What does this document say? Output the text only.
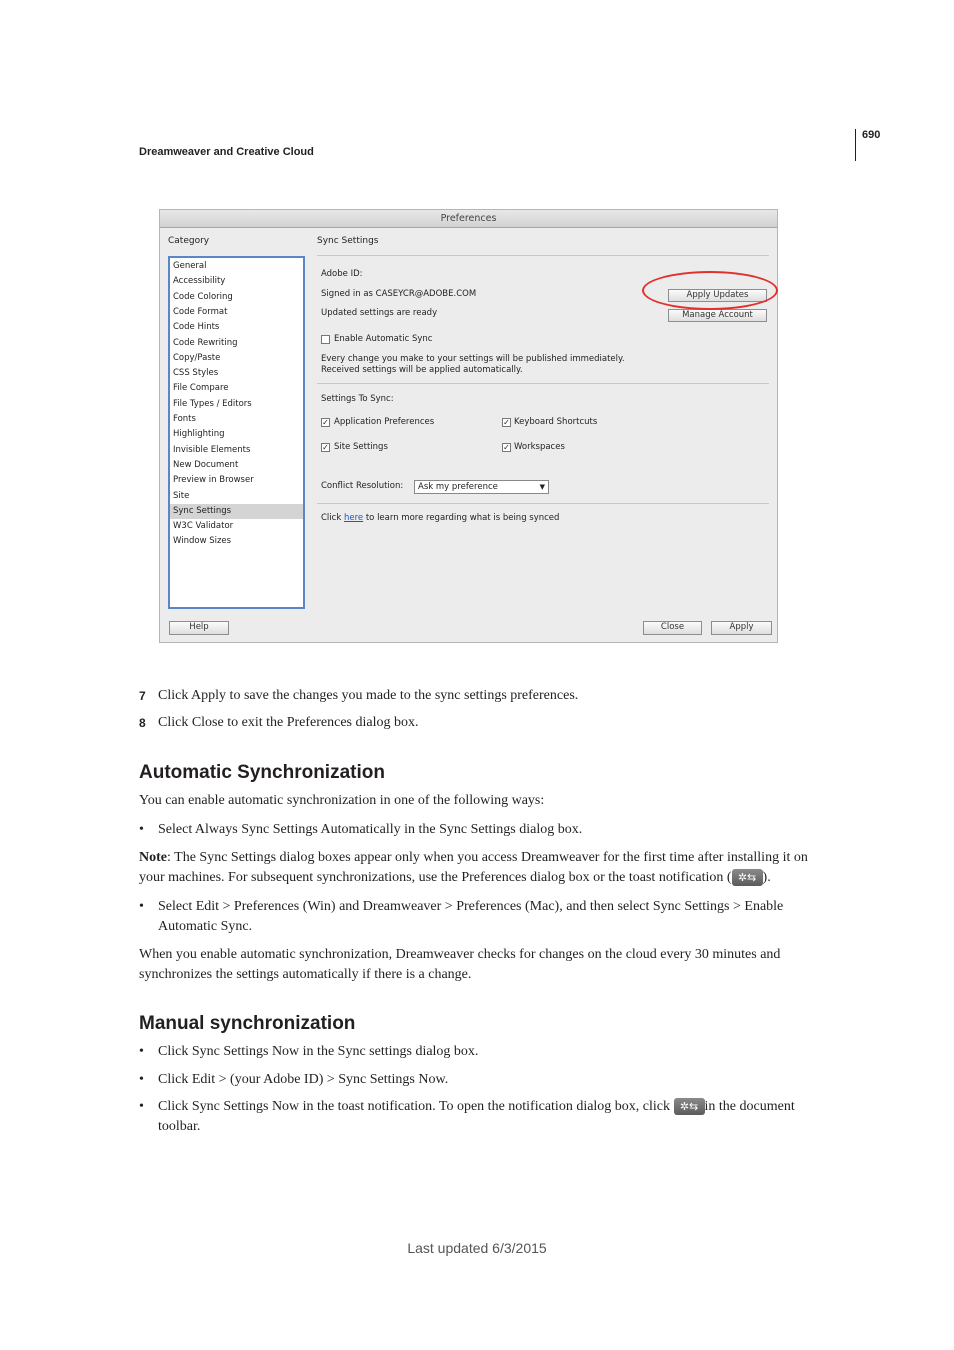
Dreamweaver and Creative Cloud
690
Preferences
Category
General
Accessibility
Code Coloring
Code Format
Code Hints
Code Rewriting
Copy/Paste
CSS Styles
File Compare
File Types / Editors
Fonts
Highlighting
Invisible Elements
New Document
Preview in Browser
Site
Sync Settings
W3C Validator
Window Sizes
Sync Settings
Adobe ID:
Signed in as CASEYCR@ADOBE.COM
Updated settings are ready
Apply Updates
Manage Account
Enable Automatic Sync
Every change you make to your settings will be published immediately.
Received settings will be applied automatically.
Settings To Sync:
✓ Application Preferences	✓ Keyboard Shortcuts
✓ Site Settings	✓ Workspaces
Conflict Resolution:	Ask my preference	▼
Click here to learn more regarding what is being synced
Help	Close	Apply
7 Click Apply to save the changes you made to the sync settings preferences.
8 Click Close to exit the Preferences dialog box.
Automatic Synchronization
You can enable automatic synchronization in one of the following ways:
• Select Always Sync Settings Automatically in the Sync Settings dialog box.
Note: The Sync Settings dialog boxes appear only when you access Dreamweaver for the first time after installing it on
your machines. For subsequent synchronizations, use the Preferences dialog box or the toast notification ( ✲⇆ ).
• Select Edit > Preferences (Win) and Dreamweaver > Preferences (Mac), and then select Sync Settings > Enable
Automatic Sync.
When you enable automatic synchronization, Dreamweaver checks for changes on the cloud every 30 minutes and
synchronizes the settings automatically if there is a change.
Manual synchronization
• Click Sync Settings Now in the Sync settings dialog box.
• Click Edit > (your Adobe ID) > Sync Settings Now.
• Click Sync Settings Now in the toast notification. To open the notification dialog box, click ✲⇆ in the document
toolbar.
Last updated 6/3/2015
